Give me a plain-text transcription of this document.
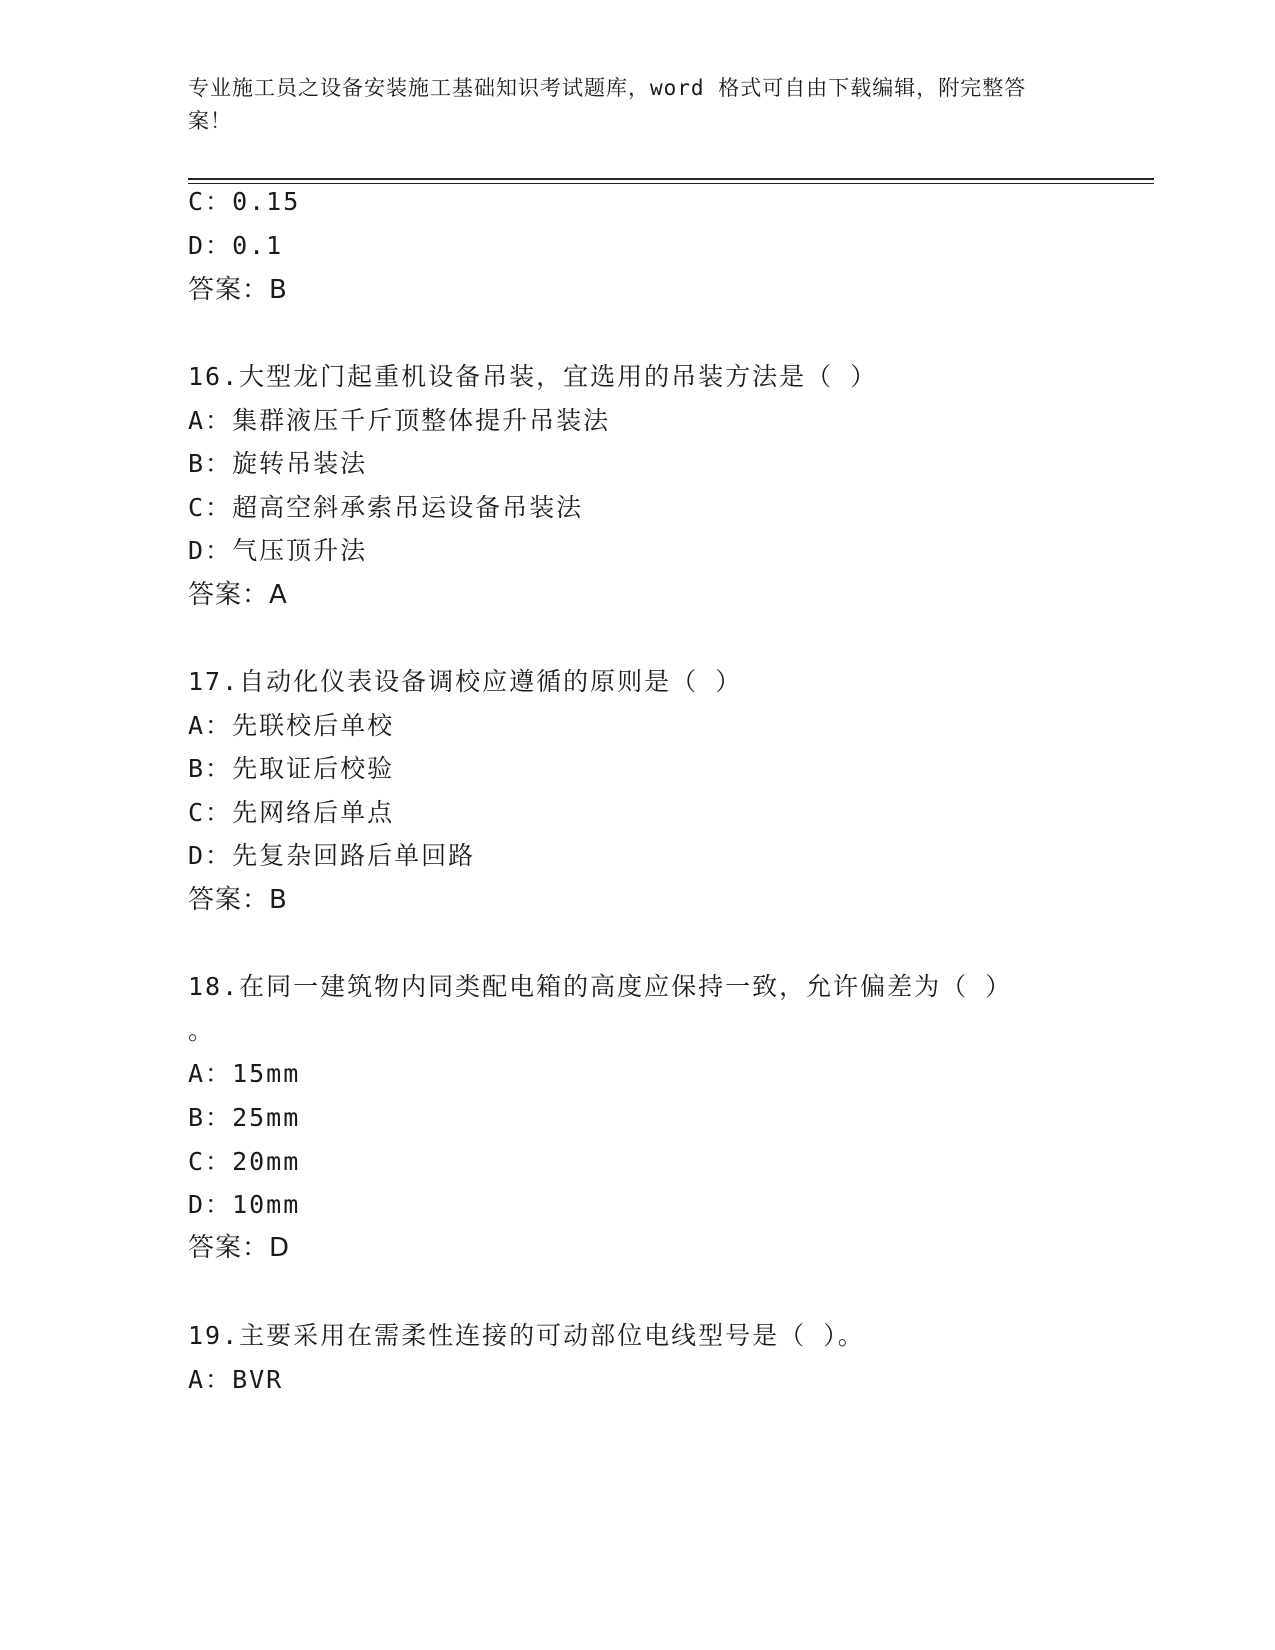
专业施工员之设备安装施工基础知识考试题库，word 格式可自由下载编辑，附完整答案！
C：0.15
D：0.1
答案：B
16.大型龙门起重机设备吊装，宜选用的吊装方法是（ ）
A：集群液压千斤顶整体提升吊装法
B：旋转吊装法
C：超高空斜承索吊运设备吊装法
D：气压顶升法
答案：A
17.自动化仪表设备调校应遵循的原则是（ ）
A：先联校后单校
B：先取证后校验
C：先网络后单点
D：先复杂回路后单回路
答案：B
18.在同一建筑物内同类配电箱的高度应保持一致，允许偏差为（ ）
。
A：15mm
B：25mm
C：20mm
D：10mm
答案：D
19.主要采用在需柔性连接的可动部位电线型号是（ ）。
A：BVR
